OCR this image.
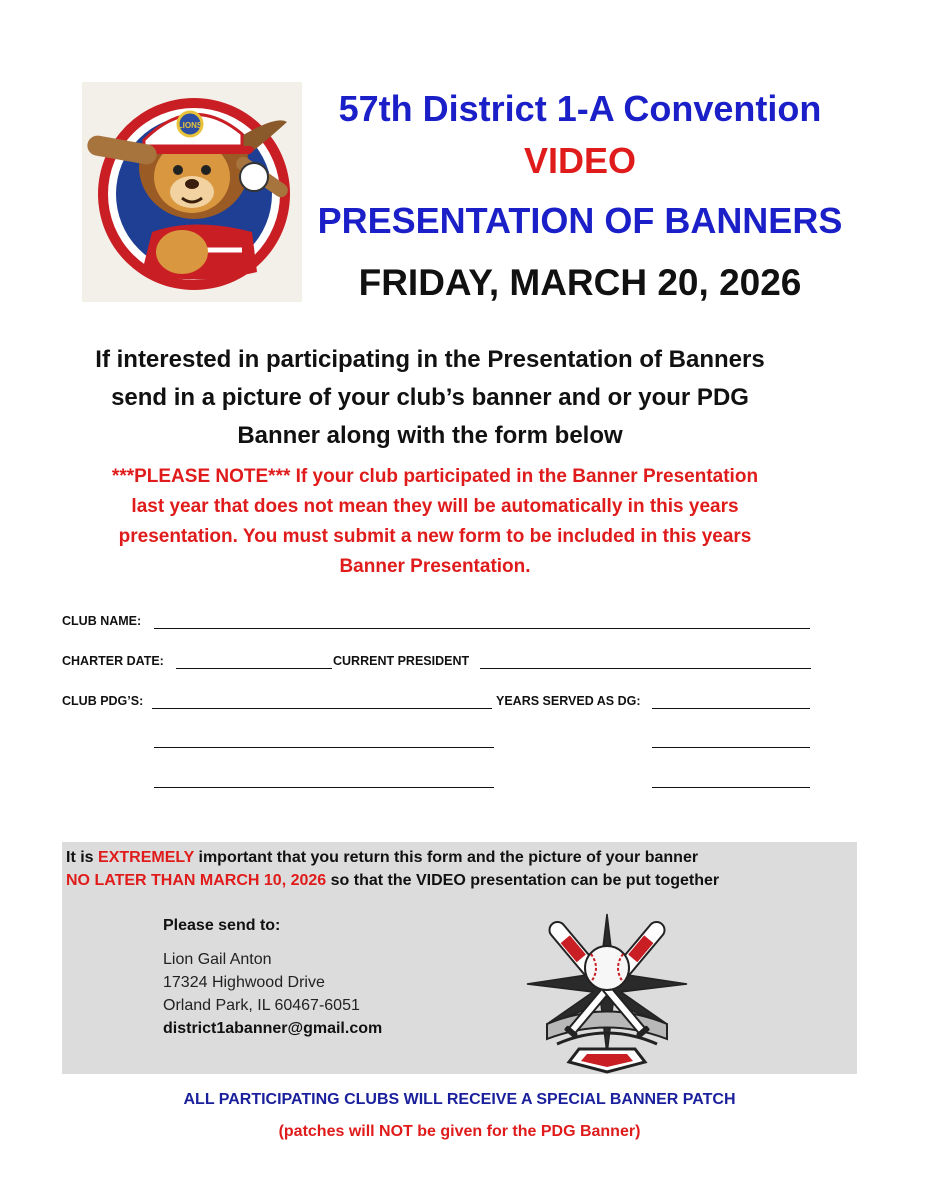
LIONS	57th District 1-A Convention
VIDEO
PRESENTATION OF BANNERS
FRIDAY, MARCH 20, 2026
If interested in participating in the Presentation of Banners
send in a picture of your club’s banner and or your PDG
Banner along with the form below
***PLEASE NOTE*** If your club participated in the Banner Presentation
last year that does not mean they will be automatically in this years
presentation. You must submit a new form to be included in this years
Banner Presentation.
CLUB NAME:
CHARTER DATE:	CURRENT PRESIDENT
CLUB PDG’S:	YEARS SERVED AS DG:
It is EXTREMELY important that you return this form and the picture of your banner
NO LATER THAN MARCH 10, 2026 so that the VIDEO presentation can be put together
Please send to:
Lion Gail Anton
17324 Highwood Drive
Orland Park, IL 60467-6051
district1abanner@gmail.com
ALL PARTICIPATING CLUBS WILL RECEIVE A SPECIAL BANNER PATCH
(patches will NOT be given for the PDG Banner)
